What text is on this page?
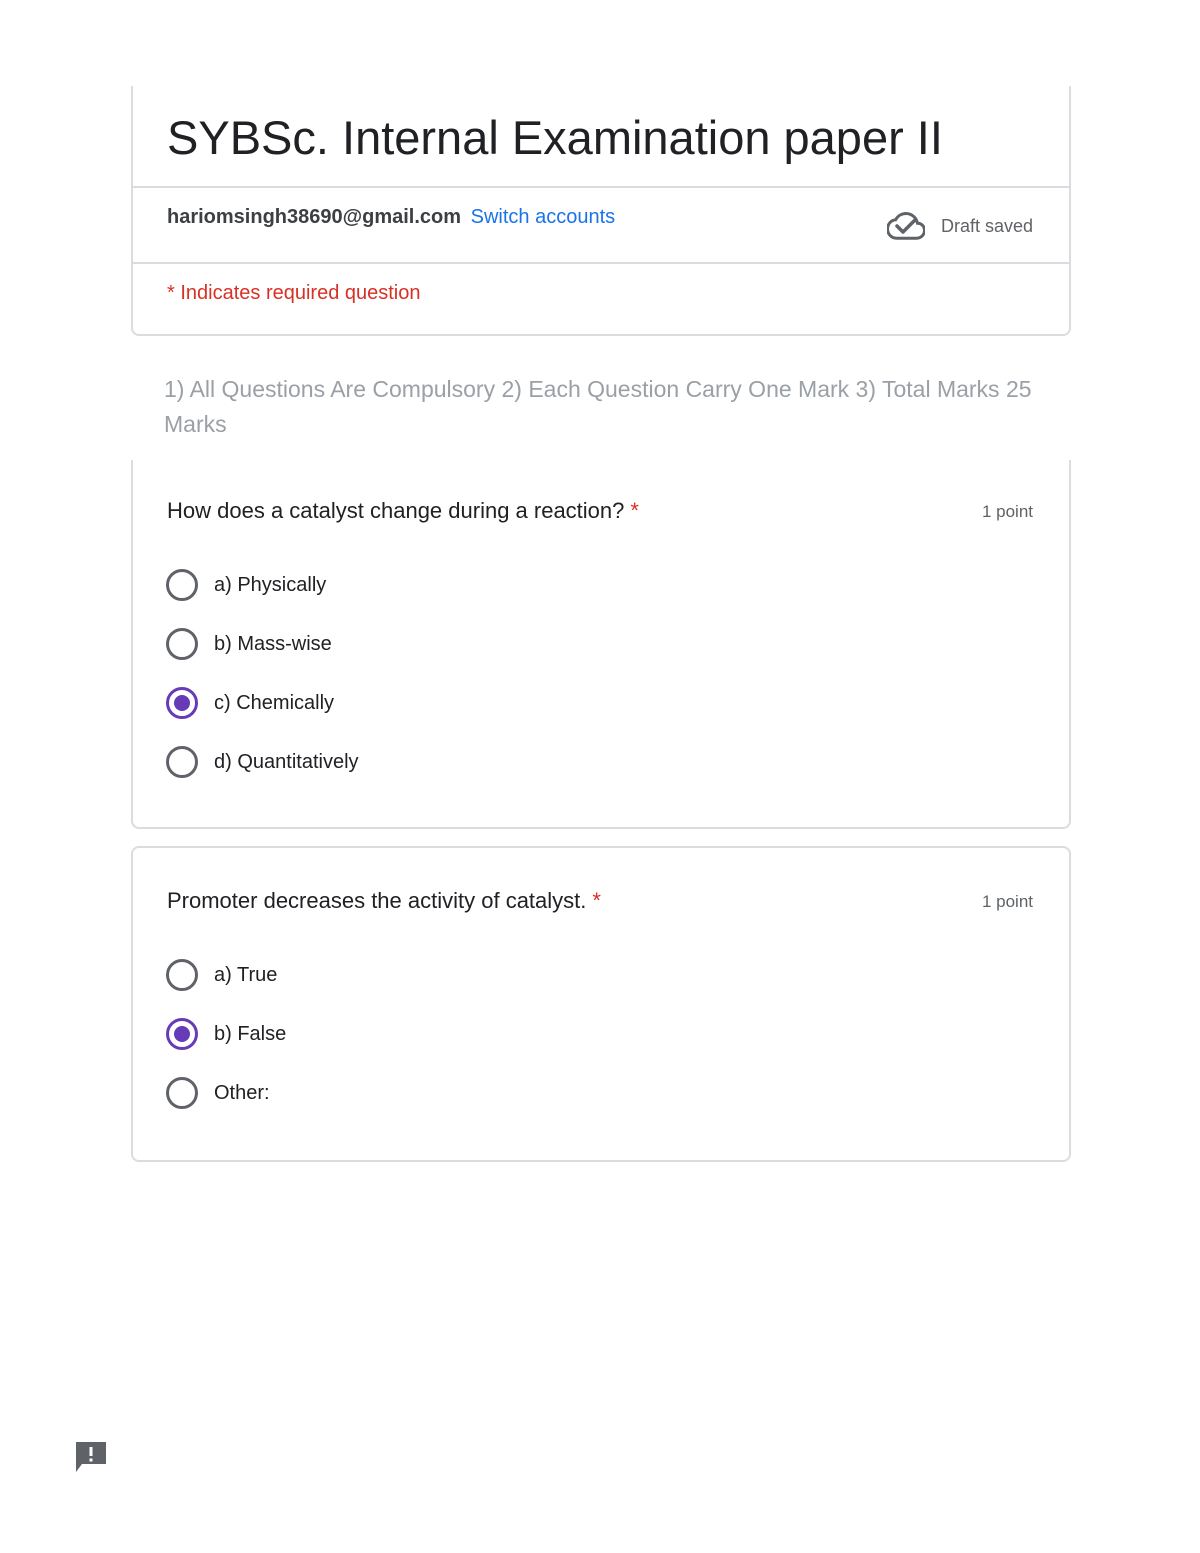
SYBSc. Internal Examination paper II
hariomsingh38690@gmail.com Switch accounts	Draft saved
* Indicates required question
1) All Questions Are Compulsory 2) Each Question Carry One Mark 3) Total Marks 25 Marks
How does a catalyst change during a reaction? *	1 point
a) Physically
b) Mass-wise
c) Chemically
d) Quantitatively
Promoter decreases the activity of catalyst. *	1 point
a) True
b) False
Other:
